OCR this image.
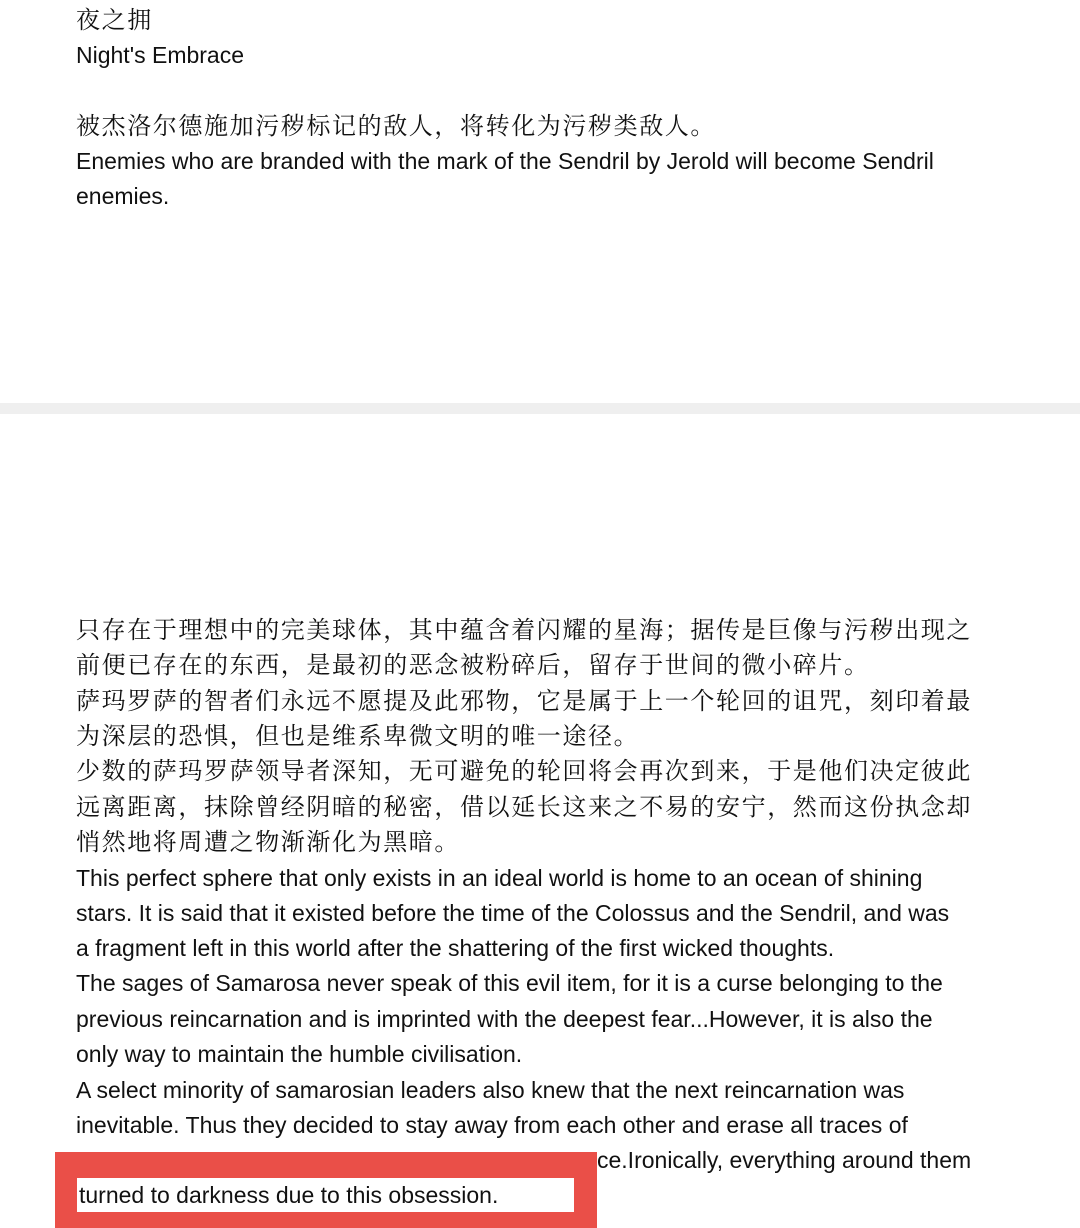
夜之拥

Night's Embrace

被杰洛尔德施加污秽标记的敌人，将转化为污秽类敌人。

Enemies who are branded with the mark of the Sendril by Jerold will become Sendril

enemies.

只存在于理想中的完美球体，其中蕴含着闪耀的星海；据传是巨像与污秽出现之

前便已存在的东西，是最初的恶念被粉碎后，留存于世间的微小碎片。

萨玛罗萨的智者们永远不愿提及此邪物，它是属于上一个轮回的诅咒，刻印着最

为深层的恐惧，但也是维系卑微文明的唯一途径。

少数的萨玛罗萨领导者深知，无可避免的轮回将会再次到来，于是他们决定彼此

远离距离，抹除曾经阴暗的秘密，借以延长这来之不易的安宁，然而这份执念却

悄然地将周遭之物渐渐化为黑暗。

This perfect sphere that only exists in an ideal world is home to an ocean of shining

stars. It is said that it existed before the time of the Colossus and the Sendril, and was

a fragment left in this world after the shattering of the first wicked thoughts.

The sages of Samarosa never speak of this evil item, for it is a curse belonging to the

previous reincarnation and is imprinted with the deepest fear...However, it is also the

only way to maintain the humble civilisation.

A select minority of samarosian leaders also knew that the next reincarnation was

inevitable. Thus they decided to stay away from each other and erase all traces of

ce.Ironically, everything around them

turned to darkness due to this obsession.
